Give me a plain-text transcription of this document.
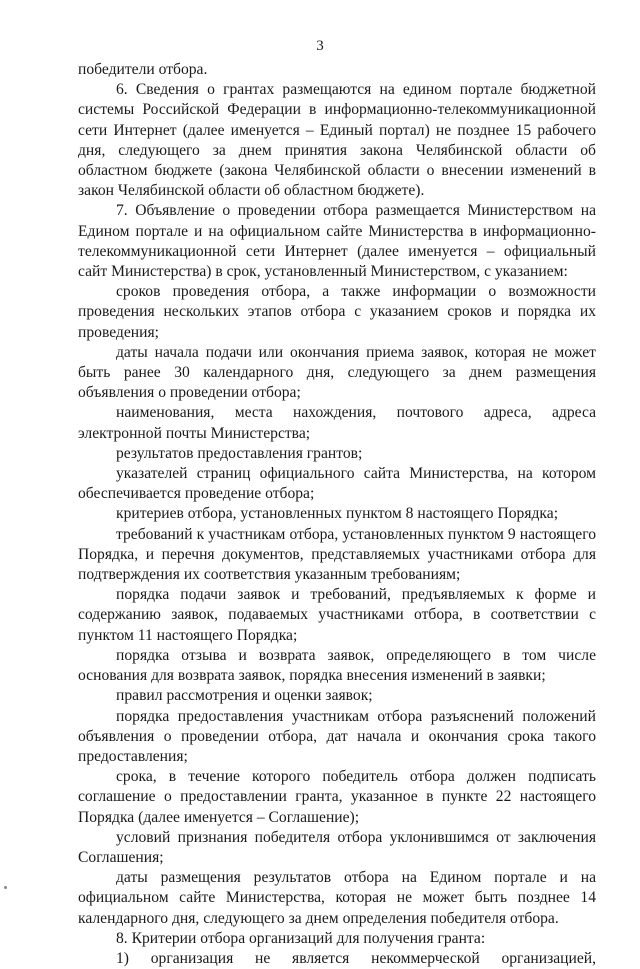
3

победители отбора.

6. Сведения о грантах размещаются на едином портале бюджетной системы Российской Федерации в информационно-телекоммуникационной сети Интернет (далее именуется – Единый портал) не позднее 15 рабочего дня, следующего за днем принятия закона Челябинской области об областном бюджете (закона Челябинской области о внесении изменений в закон Челябинской области об областном бюджете).

7. Объявление о проведении отбора размещается Министерством на Едином портале и на официальном сайте Министерства в информационно-телекоммуникационной сети Интернет (далее именуется – официальный сайт Министерства) в срок, установленный Министерством, с указанием:

сроков проведения отбора, а также информации о возможности проведения нескольких этапов отбора с указанием сроков и порядка их проведения;

даты начала подачи или окончания приема заявок, которая не может быть ранее 30 календарного дня, следующего за днем размещения объявления о проведении отбора;

наименования, места нахождения, почтового адреса, адреса электронной почты Министерства;

результатов предоставления грантов;

указателей страниц официального сайта Министерства, на котором обеспечивается проведение отбора;

критериев отбора, установленных пунктом 8 настоящего Порядка;

требований к участникам отбора, установленных пунктом 9 настоящего Порядка, и перечня документов, представляемых участниками отбора для подтверждения их соответствия указанным требованиям;

порядка подачи заявок и требований, предъявляемых к форме и содержанию заявок, подаваемых участниками отбора, в соответствии с пунктом 11 настоящего Порядка;

порядка отзыва и возврата заявок, определяющего в том числе основания для возврата заявок, порядка внесения изменений в заявки;

правил рассмотрения и оценки заявок;

порядка предоставления участникам отбора разъяснений положений объявления о проведении отбора, дат начала и окончания срока такого предоставления;

срока, в течение которого победитель отбора должен подписать соглашение о предоставлении гранта, указанное в пункте 22 настоящего Порядка (далее именуется – Соглашение);

условий признания победителя отбора уклонившимся от заключения Соглашения;

даты размещения результатов отбора на Едином портале и на официальном сайте Министерства, которая не может быть позднее 14 календарного дня, следующего за днем определения победителя отбора.

8. Критерии отбора организаций для получения гранта:

1) организация не является некоммерческой организацией,
